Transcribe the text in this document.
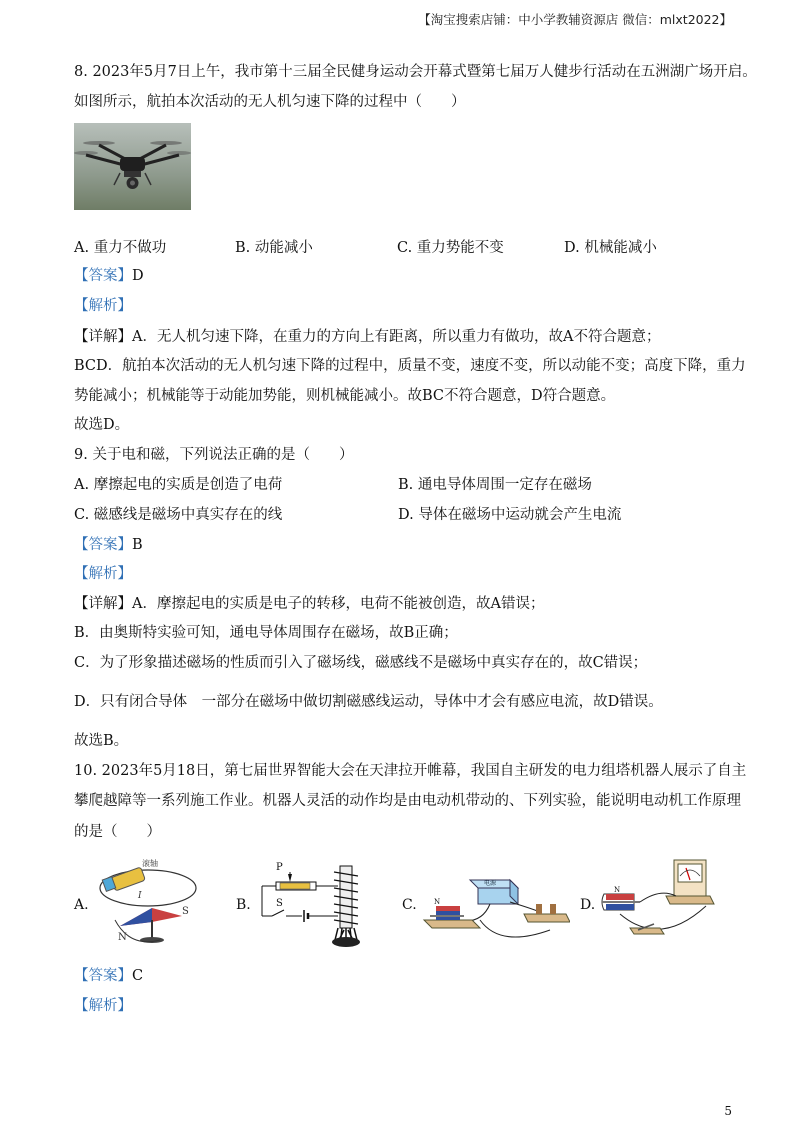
【淘宝搜索店铺：中小学教辅资源店 微信：mlxt2022】
8. 2023年5月7日上午，我市第十三届全民健身运动会开幕式暨第七届万人健步行活动在五洲湖广场开启。
如图所示，航拍本次活动的无人机匀速下降的过程中（　　）
A. 重力不做功	B. 动能减小	C. 重力势能不变	D. 机械能减小
【答案】D
【解析】
【详解】A．无人机匀速下降，在重力的方向上有距离，所以重力有做功，故A不符合题意；
BCD．航拍本次活动的无人机匀速下降的过程中，质量不变，速度不变，所以动能不变；高度下降，重力
势能减小；机械能等于动能加势能，则机械能减小。故BC不符合题意，D符合题意。
故选D。
9. 关于电和磁，下列说法正确的是（　　）
A. 摩擦起电的实质是创造了电荷	B. 通电导体周围一定存在磁场
C. 磁感线是磁场中真实存在的线	D. 导体在磁场中运动就会产生电流
【答案】B
【解析】
【详解】A．摩擦起电的实质是电子的转移，电荷不能被创造，故A错误；
B．由奥斯特实验可知，通电导体周围存在磁场，故B正确；
C．为了形象描述磁场的性质而引入了磁场线，磁感线不是磁场中真实存在的，故C错误；
D．只有闭合导体　一部分在磁场中做切割磁感线运动，导体中才会有感应电流，故D错误。
故选B。
10. 2023年5月18日，第七届世界智能大会在天津拉开帷幕，我国自主研发的电力组塔机器人展示了自主
攀爬越障等一系列施工作业。机器人灵活的动作均是由电动机带动的、下列实验，能说明电动机工作原理
的是（　　）
A.
滚轴
I
S
N
B.
P
S	C.
电源
N	D.
N
【答案】C
【解析】
5
